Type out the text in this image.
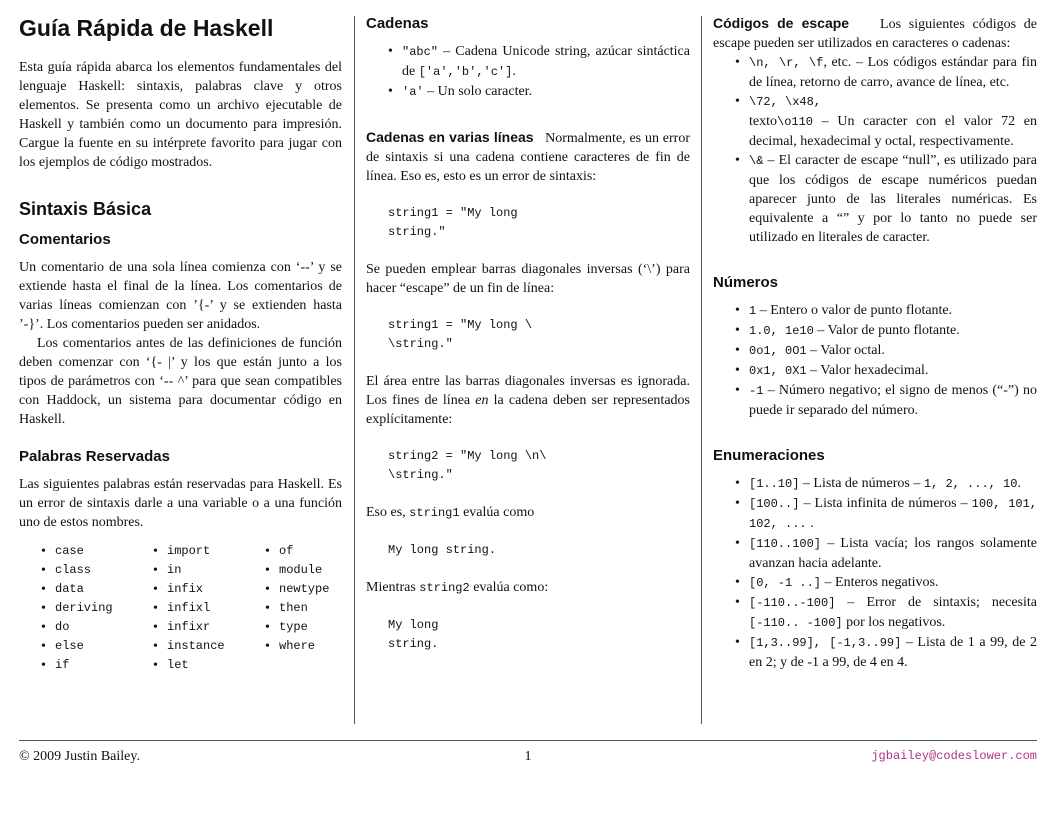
Guía Rápida de Haskell

Esta guía rápida abarca los elementos fundamentales del lenguaje Haskell: sintaxis, palabras clave y otros elementos. Se presenta como un archivo ejecutable de Haskell y también como un documento para impresión. Cargue la fuente en su intérprete favorito para jugar con los ejemplos de código mostrados.

Sintaxis Básica
Comentarios

Un comentario de una sola línea comienza con ‘--’ y se extiende hasta el final de la línea. Los comentarios de varias líneas comienzan con ’{-’ y se extienden hasta ’-}’. Los comentarios pueden ser anidados.

Los comentarios antes de las definiciones de función deben comenzar con ‘{- |’ y los que están junto a los tipos de parámetros con ‘-- ^’ para que sean compatibles con Haddock, un sistema para documentar código en Haskell.

Palabras Reservadas

Las siguientes palabras están reservadas para Haskell. Es un error de sintaxis darle a una variable o a una función uno de estos nombres.

• case
• class
• data
• deriving
• do
• else
• if
• import
• in
• infix
• infixl
• infixr
• instance
• let
• of
• module
• newtype
• then
• type
• where
Cadenas
• "abc" – Cadena Unicode string, azúcar sintáctica de ['a','b','c'].
• 'a' – Un solo caracter.

Cadenas en varias líneas Normalmente, es un error de sintaxis si una cadena contiene caracteres de fin de línea. Eso es, esto es un error de sintaxis:

string1 = "My long
string."

Se pueden emplear barras diagonales inversas (‘\’) para hacer “escape” de un fin de línea:

string1 = "My long \
\string."

El área entre las barras diagonales inversas es ignorada. Los fines de línea en la cadena deben ser representados explícitamente:

string2 = "My long \n\
\string."

Eso es, string1 evalúa como

My long string.

Mientras string2 evalúa como:

My long
string.

Códigos de escape Los siguientes códigos de escape pueden ser utilizados en caracteres o cadenas:

• \n, \r, \f, etc. – Los códigos estándar para fin de línea, retorno de carro, avance de línea, etc.
• \72, \x48,
texto\o110 – Un caracter con el valor 72 en decimal, hexadecimal y octal, respectivamente.
• \& – El caracter de escape “null”, es utilizado para que los códigos de escape numéricos puedan aparecer junto de las literales numéricas. Es equivalente a “” y por lo tanto no puede ser utilizado en literales de caracter.
Números
• 1 – Entero o valor de punto flotante.
• 1.0, 1e10 – Valor de punto flotante.
• 0o1, 0O1 – Valor octal.
• 0x1, 0X1 – Valor hexadecimal.
• -1 – Número negativo; el signo de menos (“-”) no puede ir separado del número.
Enumeraciones
• [1..10] – Lista de números – 1, 2, ..., 10.
• [100..] – Lista infinita de números – 100, 101, 102, ... .
• [110..100] – Lista vacía; los rangos solamente avanzan hacia adelante.
• [0, -1 ..] – Enteros negativos.
• [-110..-100] – Error de sintaxis; necesita [-110.. -100] por los negativos.
• [1,3..99], [-1,3..99] – Lista de 1 a 99, de 2 en 2; y de -1 a 99, de 4 en 4.
© 2009 Justin Bailey.	1	jgbailey@codeslower.com
